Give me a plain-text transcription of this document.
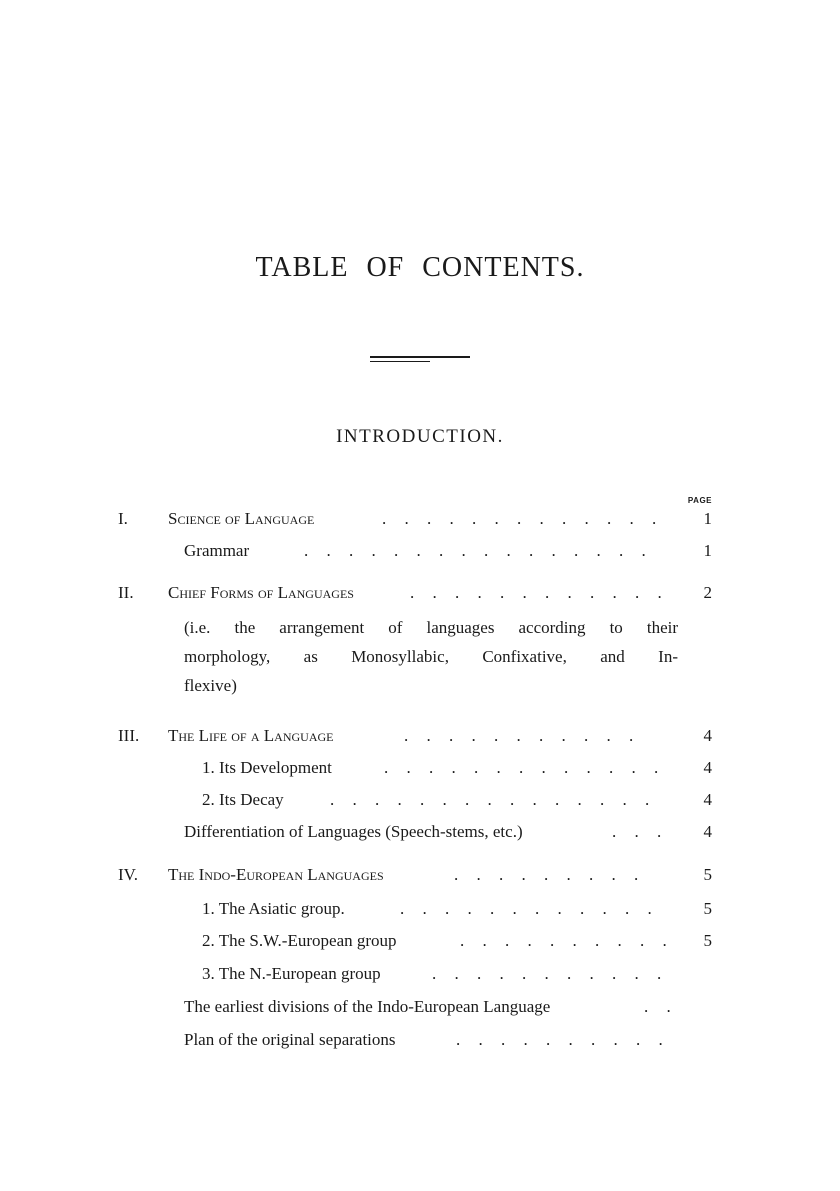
TABLE OF CONTENTS.
INTRODUCTION.
PAGE
I. Science of Language	. . . . . . . . . . . . .	1
Grammar	. . . . . . . . . . . . . . . .	1
II. Chief Forms of Languages	. . . . . . . . . . . .	2
(i.e. the arrangement of languages according to their
morphology, as Monosyllabic, Confixative, and In-
flexive)
III. The Life of a Language	. . . . . . . . . . .	4
1. Its Development	. . . . . . . . . . . . .	4
2. Its Decay	. . . . . . . . . . . . . . .	4
Differentiation of Languages (Speech-stems, etc.)	. . .	4
IV. The Indo-European Languages	. . . . . . . . .	5
1. The Asiatic group.	. . . . . . . . . . . .	5
2. The S.W.-European group	. . . . . . . . . .	5
3. The N.-European group	. . . . . . . . . . .
The earliest divisions of the Indo-European Language	. .
Plan of the original separations	. . . . . . . . . .
